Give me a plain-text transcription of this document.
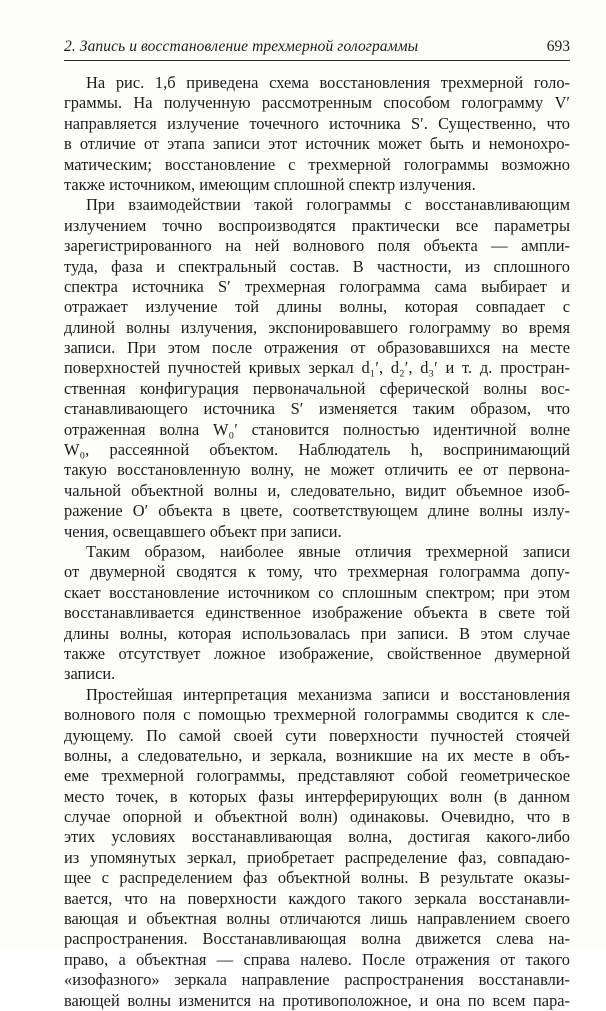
2. Запись и восстановление трехмерной голограммы	693
На рис. 1,б приведена схема восстановления трехмерной голо-
граммы. На полученную рассмотренным способом голограмму V′
направляется излучение точечного источника S′. Существенно, что
в отличие от этапа записи этот источник может быть и немонохро-
матическим; восстановление с трехмерной голограммы возможно
также источником, имеющим сплошной спектр излучения.
При взаимодействии такой голограммы с восстанавливающим
излучением точно воспроизводятся практически все параметры
зарегистрированного на ней волнового поля объекта — ампли-
туда, фаза и спектральный состав. В частности, из сплошного
спектра источника S′ трехмерная голограмма сама выбирает и
отражает излучение той длины волны, которая совпадает с
длиной волны излучения, экспонировавшего голограмму во время
записи. При этом после отражения от образовавшихся на месте
поверхностей пучностей кривых зеркал d₁′, d₂′, d₃′ и т. д. простран-
ственная конфигурация первоначальной сферической волны вос-
станавливающего источника S′ изменяется таким образом, что
отраженная волна W₀′ становится полностью идентичной волне
W₀, рассеянной объектом. Наблюдатель h, воспринимающий
такую восстановленную волну, не может отличить ее от первона-
чальной объектной волны и, следовательно, видит объемное изоб-
ражение O′ объекта в цвете, соответствующем длине волны излу-
чения, освещавшего объект при записи.
Таким образом, наиболее явные отличия трехмерной записи
от двумерной сводятся к тому, что трехмерная голограмма допу-
скает восстановление источником со сплошным спектром; при этом
восстанавливается единственное изображение объекта в свете той
длины волны, которая использовалась при записи. В этом случае
также отсутствует ложное изображение, свойственное двумерной
записи.
Простейшая интерпретация механизма записи и восстановления
волнового поля с помощью трехмерной голограммы сводится к сле-
дующему. По самой своей сути поверхности пучностей стоячей
волны, а следовательно, и зеркала, возникшие на их месте в объ-
еме трехмерной голограммы, представляют собой геометрическое
место точек, в которых фазы интерферирующих волн (в данном
случае опорной и объектной волн) одинаковы. Очевидно, что в
этих условиях восстанавливающая волна, достигая какого-либо
из упомянутых зеркал, приобретает распределение фаз, совпадаю-
щее с распределением фаз объектной волны. В результате оказы-
вается, что на поверхности каждого такого зеркала восстанавли-
вающая и объектная волны отличаются лишь направлением своего
распространения. Восстанавливающая волна движется слева на-
право, а объектная — справа налево. После отражения от такого
«изофазного» зеркала направление распространения восстанавли-
вающей волны изменится на противоположное, и она по всем пара-
